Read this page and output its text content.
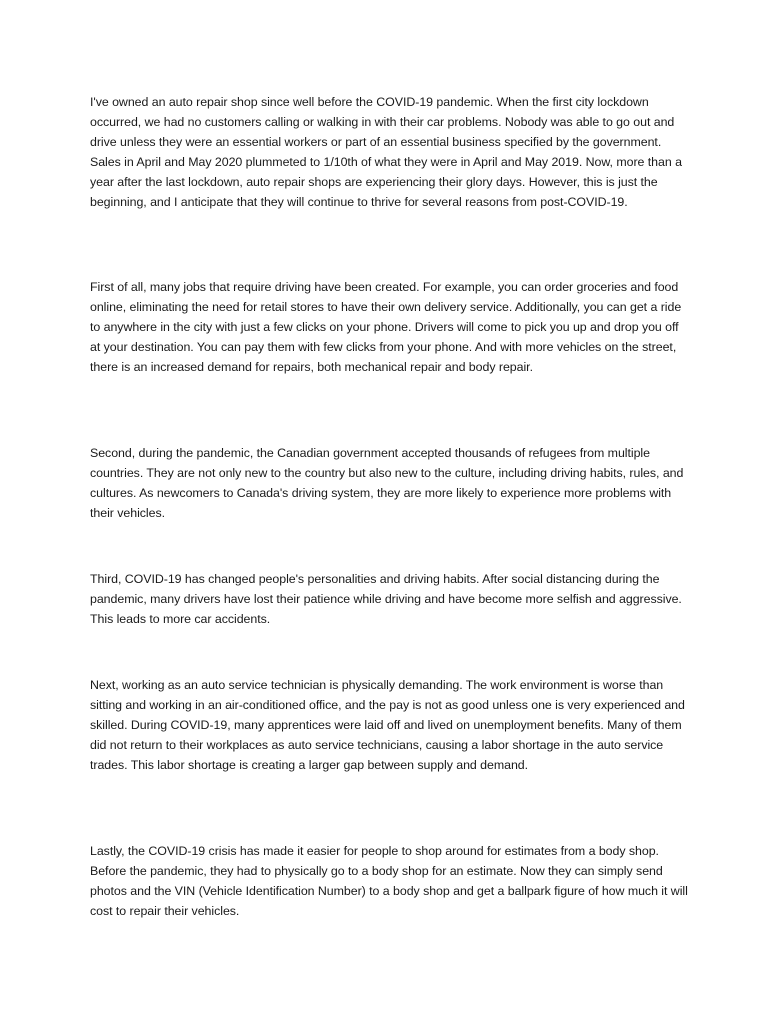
I've owned an auto repair shop since well before the COVID-19 pandemic. When the first city lockdown occurred, we had no customers calling or walking in with their car problems. Nobody was able to go out and drive unless they were an essential workers or part of an essential business specified by the government. Sales in April and May 2020 plummeted to 1/10th of what they were in April and May 2019. Now, more than a year after the last lockdown, auto repair shops are experiencing their glory days. However, this is just the beginning, and I anticipate that they will continue to thrive for several reasons from post-COVID-19.

First of all, many jobs that require driving have been created. For example, you can order groceries and food online, eliminating the need for retail stores to have their own delivery service. Additionally, you can get a ride to anywhere in the city with just a few clicks on your phone. Drivers will come to pick you up and drop you off at your destination. You can pay them with few clicks from your phone. And with more vehicles on the street, there is an increased demand for repairs, both mechanical repair and body repair.

Second, during the pandemic, the Canadian government accepted thousands of refugees from multiple countries. They are not only new to the country but also new to the culture, including driving habits, rules, and cultures. As newcomers to Canada's driving system, they are more likely to experience more problems with their vehicles.

Third, COVID-19 has changed people's personalities and driving habits. After social distancing during the pandemic, many drivers have lost their patience while driving and have become more selfish and aggressive. This leads to more car accidents.

Next, working as an auto service technician is physically demanding. The work environment is worse than sitting and working in an air-conditioned office, and the pay is not as good unless one is very experienced and skilled. During COVID-19, many apprentices were laid off and lived on unemployment benefits. Many of them did not return to their workplaces as auto service technicians, causing a labor shortage in the auto service trades. This labor shortage is creating a larger gap between supply and demand.

Lastly, the COVID-19 crisis has made it easier for people to shop around for estimates from a body shop. Before the pandemic, they had to physically go to a body shop for an estimate. Now they can simply send photos and the VIN (Vehicle Identification Number) to a body shop and get a ballpark figure of how much it will cost to repair their vehicles.
